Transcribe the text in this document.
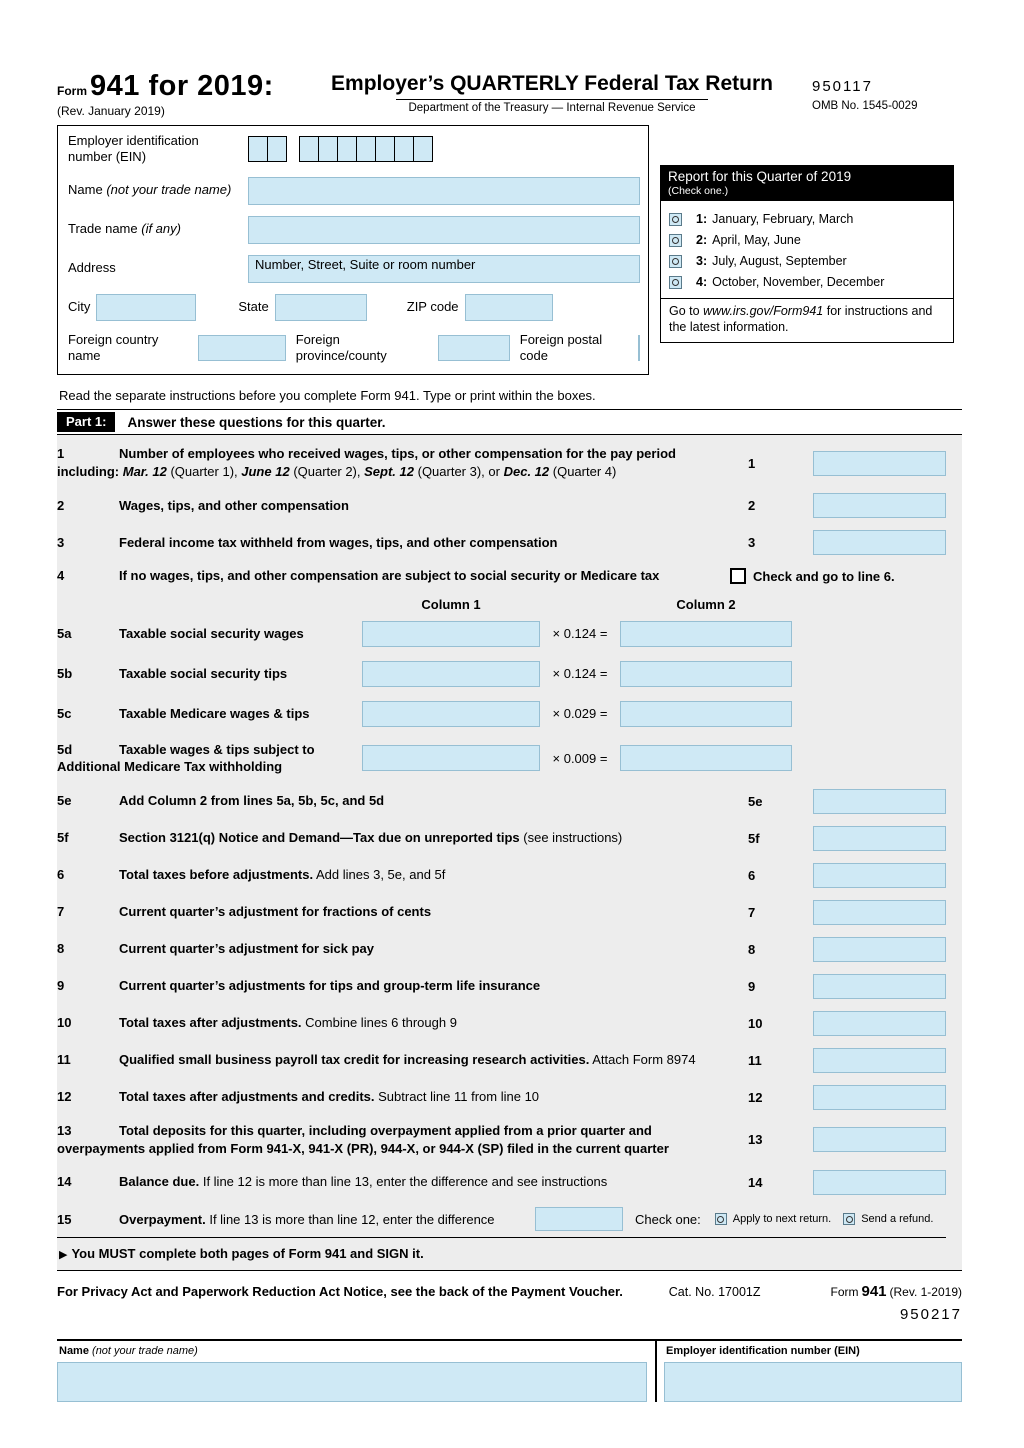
Form 941 for 2019:
(Rev. January 2019)
Employer’s QUARTERLY Federal Tax Return
Department of the Treasury — Internal Revenue Service
950117
OMB No. 1545-0029
Employer identification number (EIN)
Name (not your trade name)
Trade name (if any)
Address	Number, Street, Suite or room number
City	State	ZIP code
Foreign country name
Foreign province/county
Foreign postal code
Report for this Quarter of 2019
(Check one.)
1: January, February, March
2: April, May, June
3: July, August, September
4: October, November, December
Go to www.irs.gov/Form941 for instructions and the latest information.
Read the separate instructions before you complete Form 941. Type or print within the boxes.
Part 1:	Answer these questions for this quarter.
1	Number of employees who received wages, tips, or other compensation for the pay period including: Mar. 12 (Quarter 1), June 12 (Quarter 2), Sept. 12 (Quarter 3), or Dec. 12 (Quarter 4)
1
2	Wages, tips, and other compensation	2
3	Federal income tax withheld from wages, tips, and other compensation	3
4	If no wages, tips, and other compensation are subject to social security or Medicare tax	Check and go to line 6.
Column 1	Column 2
5a	Taxable social security wages	× 0.124 =
5b	Taxable social security tips	× 0.124 =
5c	Taxable Medicare wages & tips	× 0.029 =
5d	Taxable wages & tips subject to
Additional Medicare Tax withholding
× 0.009 =
5e	Add Column 2 from lines 5a, 5b, 5c, and 5d	5e
5f	Section 3121(q) Notice and Demand—Tax due on unreported tips (see instructions)	5f
6	Total taxes before adjustments. Add lines 3, 5e, and 5f	6
7	Current quarter’s adjustment for fractions of cents	7
8	Current quarter’s adjustment for sick pay	8
9	Current quarter’s adjustments for tips and group-term life insurance	9
10	Total taxes after adjustments. Combine lines 6 through 9	10
11	Qualified small business payroll tax credit for increasing research activities. Attach Form 8974	11
12	Total taxes after adjustments and credits. Subtract line 11 from line 10	12
13	Total deposits for this quarter, including overpayment applied from a prior quarter and overpayments applied from Form 941-X, 941-X (PR), 944-X, or 944-X (SP) filed in the current quarter
13
14	Balance due. If line 12 is more than line 13, enter the difference and see instructions	14
15	Overpayment. If line 13 is more than line 12, enter the difference	Check one:	Apply to next return.	Send a refund.
▶ You MUST complete both pages of Form 941 and SIGN it.
For Privacy Act and Paperwork Reduction Act Notice, see the back of the Payment Voucher.	Cat. No. 17001Z	Form 941 (Rev. 1-2019)
950217
Name (not your trade name)	Employer identification number (EIN)
